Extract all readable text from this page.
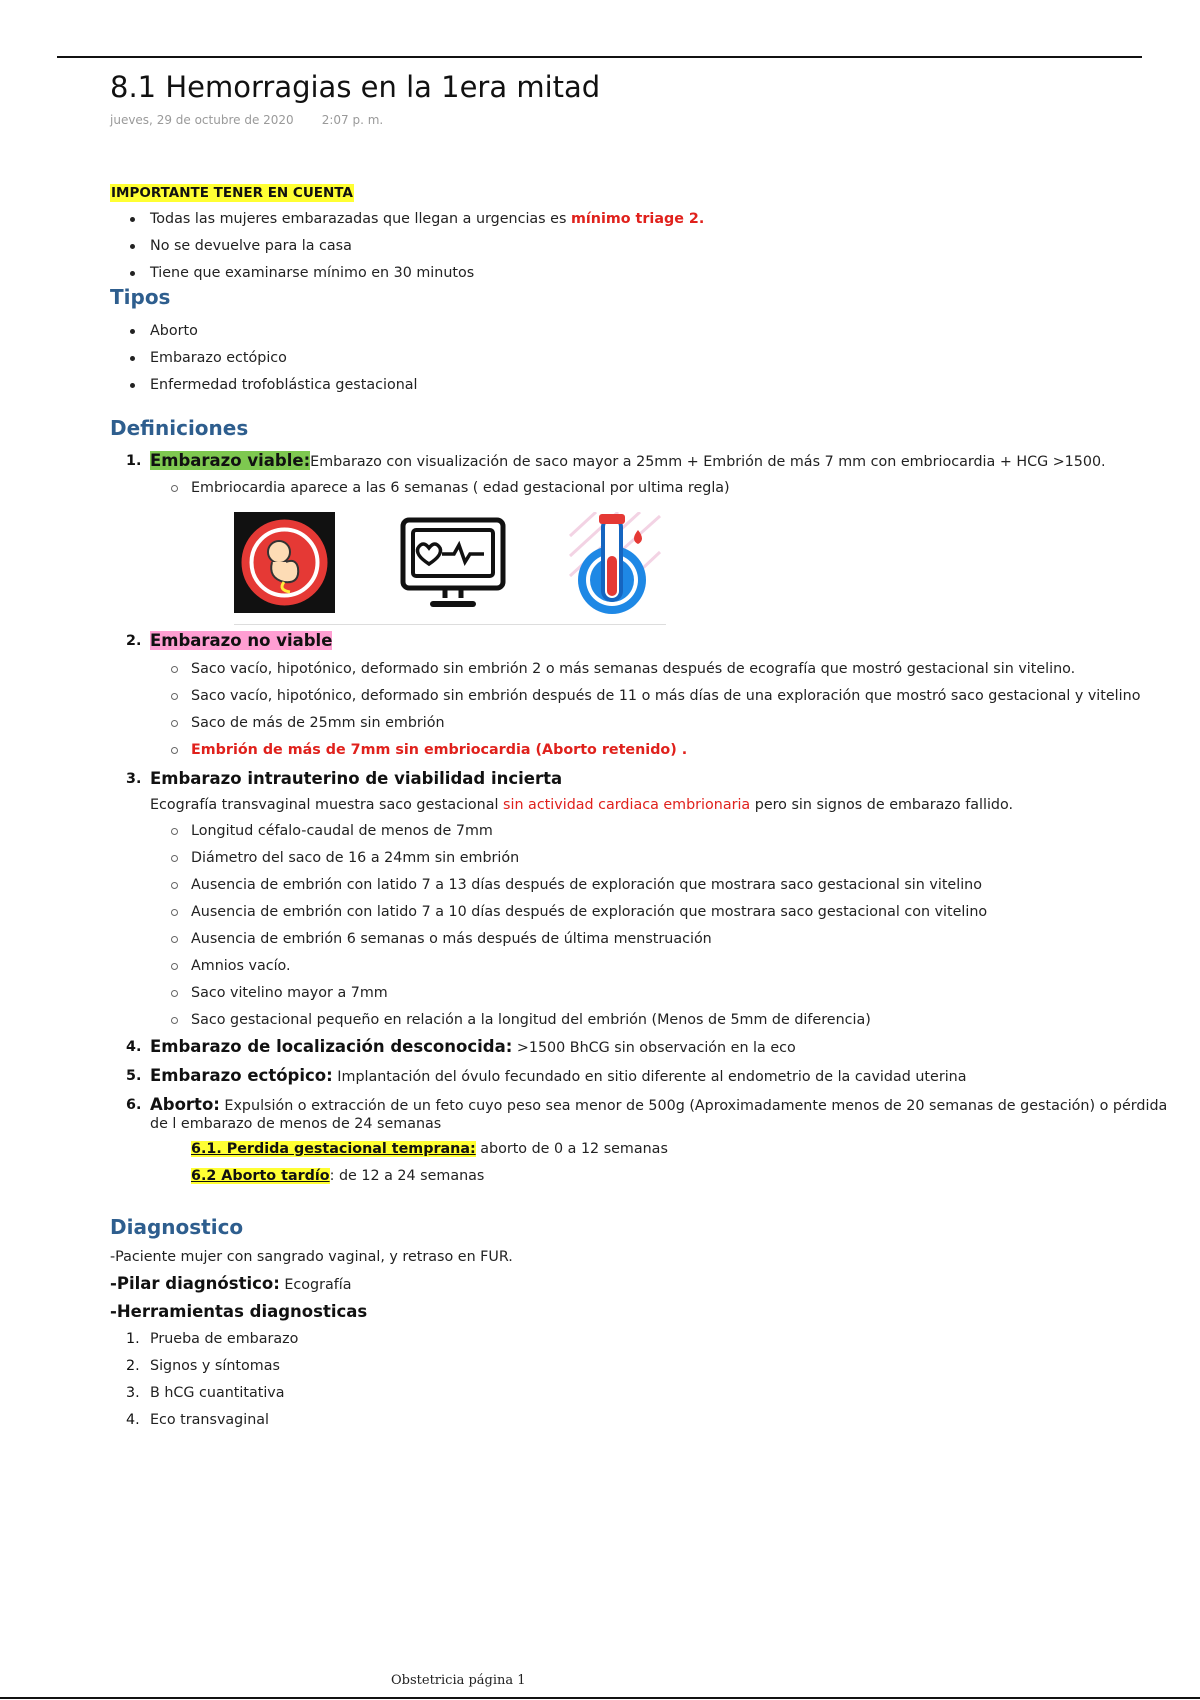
8.1 Hemorragias en la 1era mitad
jueves, 29 de octubre de 2020 2:07 p. m.
IMPORTANTE TENER EN CUENTA
Todas las mujeres embarazadas que llegan a urgencias es mínimo triage 2.
No se devuelve para la casa
Tiene que examinarse mínimo en 30 minutos
Tipos
Aborto
Embarazo ectópico
Enfermedad trofoblástica gestacional
Definiciones
1. Embarazo viable:Embarazo con visualización de saco mayor a 25mm + Embrión de más 7 mm con embriocardia + HCG >1500.
Embriocardia aparece a las 6 semanas ( edad gestacional por ultima regla)
2. Embarazo no viable
Saco vacío, hipotónico, deformado sin embrión 2 o más semanas después de ecografía que mostró gestacional sin vitelino.
Saco vacío, hipotónico, deformado sin embrión después de 11 o más días de una exploración que mostró saco gestacional y vitelino
Saco de más de 25mm sin embrión
Embrión de más de 7mm sin embriocardia (Aborto retenido) .
3. Embarazo intrauterino de viabilidad incierta
Ecografía transvaginal muestra saco gestacional sin actividad cardiaca embrionaria pero sin signos de embarazo fallido.
Longitud céfalo-caudal de menos de 7mm
Diámetro del saco de 16 a 24mm sin embrión
Ausencia de embrión con latido 7 a 13 días después de exploración que mostrara saco gestacional sin vitelino
Ausencia de embrión con latido 7 a 10 días después de exploración que mostrara saco gestacional con vitelino
Ausencia de embrión 6 semanas o más después de última menstruación
Amnios vacío.
Saco vitelino mayor a 7mm
Saco gestacional pequeño en relación a la longitud del embrión (Menos de 5mm de diferencia)
4. Embarazo de localización desconocida: >1500 BhCG sin observación en la eco
5. Embarazo ectópico: Implantación del óvulo fecundado en sitio diferente al endometrio de la cavidad uterina
6. Aborto: Expulsión o extracción de un feto cuyo peso sea menor de 500g (Aproximadamente menos de 20 semanas de gestación) o pérdida de l embarazo de menos de 24 semanas
6.1. Perdida gestacional temprana: aborto de 0 a 12 semanas
6.2 Aborto tardío: de 12 a 24 semanas
Diagnostico
-Paciente mujer con sangrado vaginal, y retraso en FUR.
-Pilar diagnóstico: Ecografía
-Herramientas diagnosticas
1. Prueba de embarazo
2. Signos y síntomas
3. B hCG cuantitativa
4. Eco transvaginal
Obstetricia página 1
